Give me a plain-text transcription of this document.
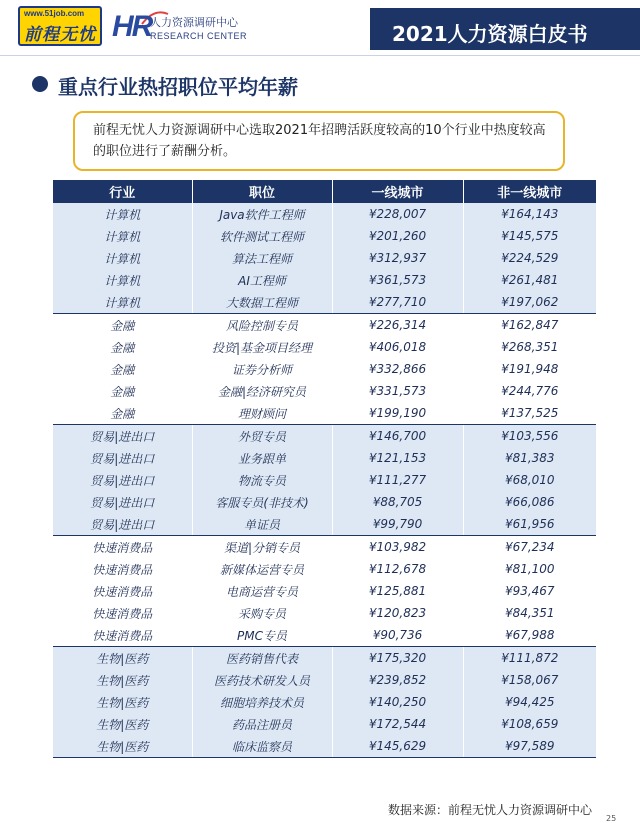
www.51job.com
前程无忧 HR
人力资源调研中心
RESEARCH CENTER	2021人力资源白皮书
重点行业热招职位平均年薪
前程无忧人力资源调研中心选取2021年招聘活跃度较高的10个行业中热度较高的职位进行了薪酬分析。
行业	职位	一线城市	非一线城市
计算机	Java软件工程师	¥228,007	¥164,143
计算机	软件测试工程师	¥201,260	¥145,575
计算机	算法工程师	¥312,937	¥224,529
计算机	AI工程师	¥361,573	¥261,481
计算机	大数据工程师	¥277,710	¥197,062
金融	风险控制专员	¥226,314	¥162,847
金融	投资|基金项目经理	¥406,018	¥268,351
金融	证券分析师	¥332,866	¥191,948
金融	金融|经济研究员	¥331,573	¥244,776
金融	理财顾问	¥199,190	¥137,525
贸易|进出口	外贸专员	¥146,700	¥103,556
贸易|进出口	业务跟单	¥121,153	¥81,383
贸易|进出口	物流专员	¥111,277	¥68,010
贸易|进出口	客服专员(非技术)	¥88,705	¥66,086
贸易|进出口	单证员	¥99,790	¥61,956
快速消费品	渠道|分销专员	¥103,982	¥67,234
快速消费品	新媒体运营专员	¥112,678	¥81,100
快速消费品	电商运营专员	¥125,881	¥93,467
快速消费品	采购专员	¥120,823	¥84,351
快速消费品	PMC专员	¥90,736	¥67,988
生物|医药	医药销售代表	¥175,320	¥111,872
生物|医药	医药技术研发人员	¥239,852	¥158,067
生物|医药	细胞培养技术员	¥140,250	¥94,425
生物|医药	药品注册员	¥172,544	¥108,659
生物|医药	临床监察员	¥145,629	¥97,589
数据来源：前程无忧人力资源调研中心
25
